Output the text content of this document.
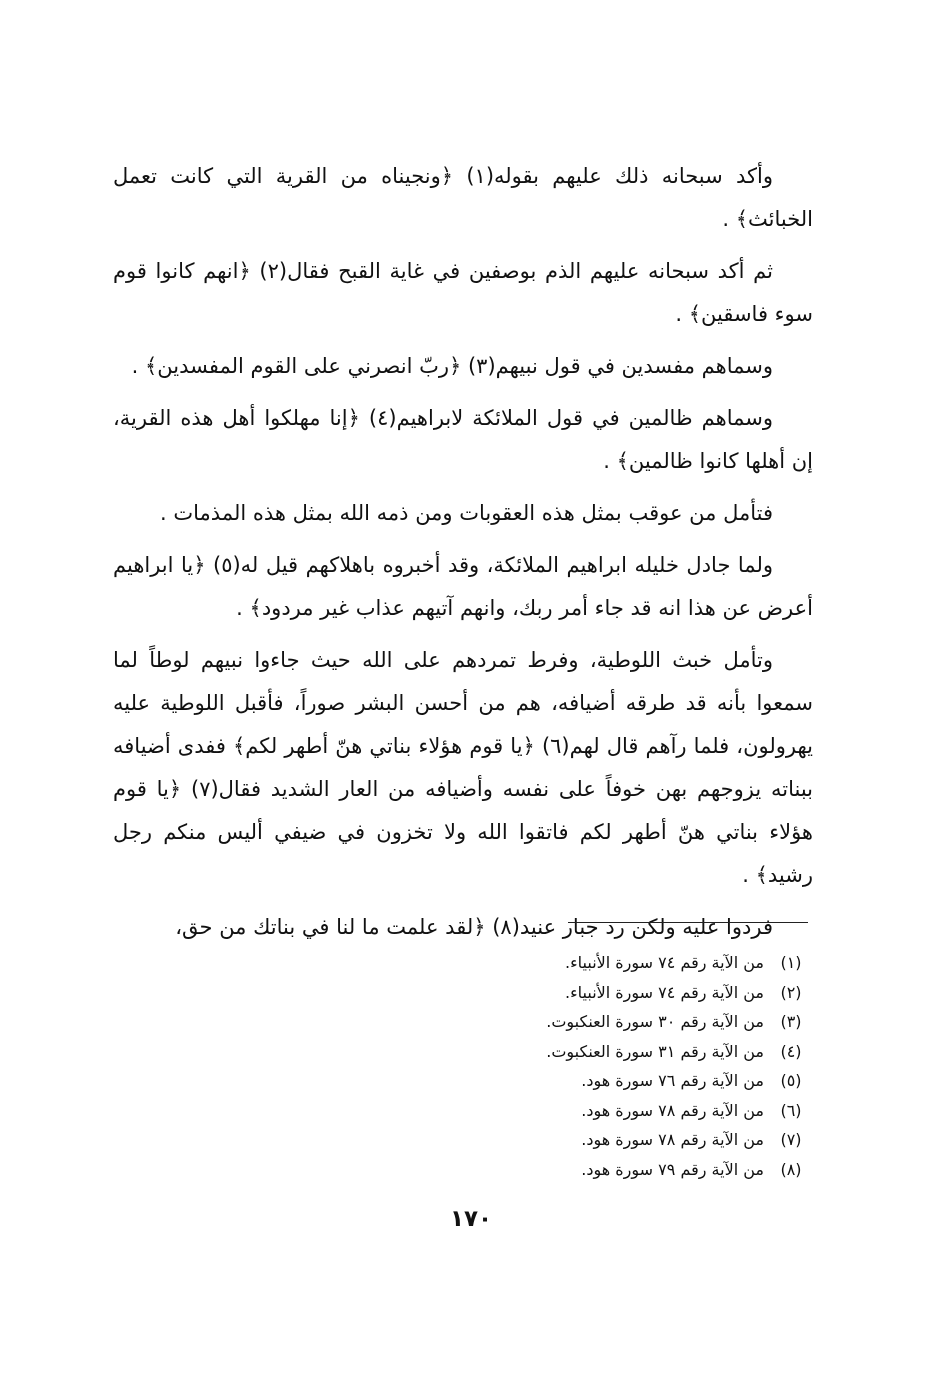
وأكد سبحانه ذلك عليهم بقوله(١) ﴿ونجيناه من القرية التي كانت تعمل الخبائث﴾ .

ثم أكد سبحانه عليهم الذم بوصفين في غاية القبح فقال(٢) ﴿انهم كانوا قوم سوء فاسقين﴾ .

وسماهم مفسدين في قول نبيهم(٣) ﴿ربّ انصرني على القوم المفسدين﴾ .

وسماهم ظالمين في قول الملائكة لابراهيم(٤) ﴿إنا مهلكوا أهل هذه القرية، إن أهلها كانوا ظالمين﴾ .

فتأمل من عوقب بمثل هذه العقوبات ومن ذمه الله بمثل هذه المذمات .

ولما جادل خليله ابراهيم الملائكة، وقد أخبروه باهلاكهم قيل له(٥) ﴿يا ابراهيم أعرض عن هذا انه قد جاء أمر ربك، وانهم آتيهم عذاب غير مردود﴾ .

وتأمل خبث اللوطية، وفرط تمردهم على الله حيث جاءوا نبيهم لوطاً لما سمعوا بأنه قد طرقه أضيافه، هم من أحسن البشر صوراً، فأقبل اللوطية عليه يهرولون، فلما رآهم قال لهم(٦) ﴿يا قوم هؤلاء بناتي هنّ أطهر لكم﴾ ففدى أضيافه ببناته يزوجهم بهن خوفاً على نفسه وأضيافه من العار الشديد فقال(٧) ﴿يا قوم هؤلاء بناتي هنّ أطهر لكم فاتقوا الله ولا تخزون في ضيفي أليس منكم رجل رشيد﴾ .

فردوا عليه ولكن رد جبار عنيد(٨) ﴿لقد علمت ما لنا في بناتك من حق،

(١)من الآية رقم ٧٤ سورة الأنبياء.
(٢)من الآية رقم ٧٤ سورة الأنبياء.
(٣)من الآية رقم ٣٠ سورة العنكبوت.
(٤)من الآية رقم ٣١ سورة العنكبوت.
(٥)من الآية رقم ٧٦ سورة هود.
(٦)من الآية رقم ٧٨ سورة هود.
(٧)من الآية رقم ٧٨ سورة هود.
(٨)من الآية رقم ٧٩ سورة هود.
١٧٠
